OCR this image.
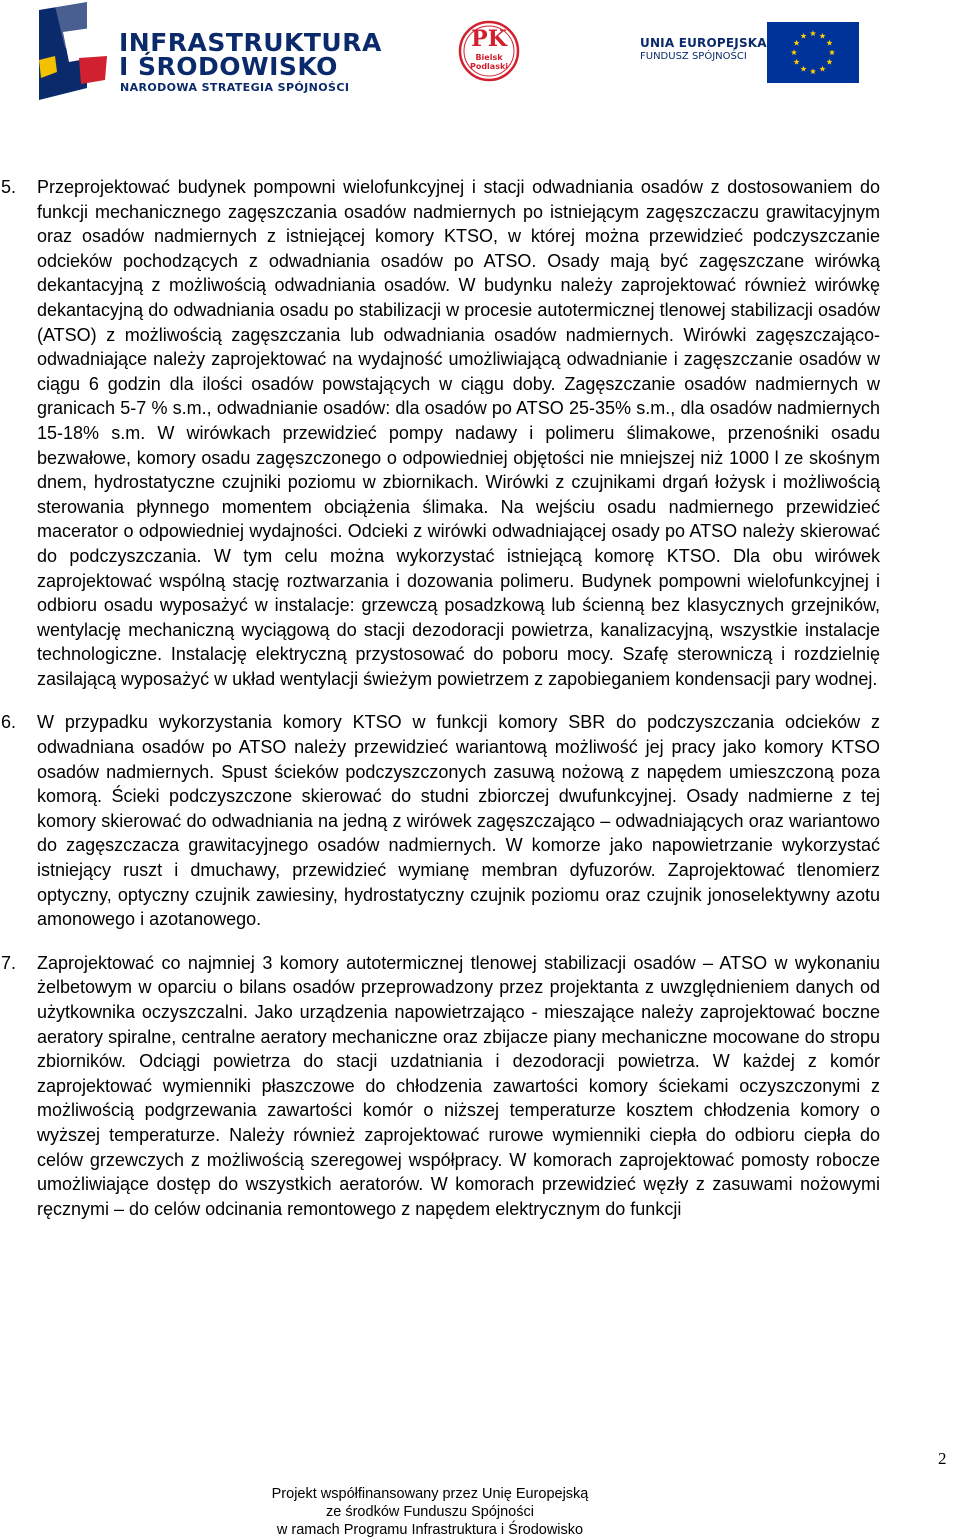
INFRASTRUKTURA
I ŚRODOWISKO
NARODOWA STRATEGIA SPÓJNOŚCI
PK
Bielsk
Podlaski
UNIA EUROPEJSKA
FUNDUSZ SPÓJNOŚCI
5. Przeprojektować budynek pompowni wielofunkcyjnej i stacji odwadniania osadów z dostosowaniem do funkcji mechanicznego zagęszczania osadów nadmiernych po istniejącym zagęszczaczu grawitacyjnym oraz osadów nadmiernych z istniejącej komory KTSO, w której można przewidzieć podczyszczanie odcieków pochodzących z odwadniania osadów po ATSO. Osady mają być zagęszczane wirówką dekantacyjną z możliwością odwadniania osadów. W budynku należy zaprojektować również wirówkę dekantacyjną do odwadniania osadu po stabilizacji w procesie autotermicznej tlenowej stabilizacji osadów (ATSO) z możliwością zagęszczania lub odwadniania osadów nadmiernych. Wirówki zagęszczająco-odwadniające należy zaprojektować na wydajność umożliwiającą odwadnianie i zagęszczanie osadów w ciągu 6 godzin dla ilości osadów powstających w ciągu doby. Zagęszczanie osadów nadmiernych w granicach 5-7 % s.m., odwadnianie osadów: dla osadów po ATSO 25-35% s.m., dla osadów nadmiernych 15-18% s.m. W wirówkach przewidzieć pompy nadawy i polimeru ślimakowe, przenośniki osadu bezwałowe, komory osadu zagęszczonego o odpowiedniej objętości nie mniejszej niż 1000 l ze skośnym dnem, hydrostatyczne czujniki poziomu w zbiornikach. Wirówki z czujnikami drgań łożysk i możliwością sterowania płynnego momentem obciążenia ślimaka. Na wejściu osadu nadmiernego przewidzieć macerator o odpowiedniej wydajności. Odcieki z wirówki odwadniającej osady po ATSO należy skierować do podczyszczania. W tym celu można wykorzystać istniejącą komorę KTSO. Dla obu wirówek zaprojektować wspólną stację roztwarzania i dozowania polimeru. Budynek pompowni wielofunkcyjnej i odbioru osadu wyposażyć w instalacje: grzewczą posadzkową lub ścienną bez klasycznych grzejników, wentylację mechaniczną wyciągową do stacji dezodoracji powietrza, kanalizacyjną, wszystkie instalacje technologiczne. Instalację elektryczną przystosować do poboru mocy. Szafę sterowniczą i rozdzielnię zasilającą wyposażyć w układ wentylacji świeżym powietrzem z zapobieganiem kondensacji pary wodnej.

6. W przypadku wykorzystania komory KTSO w funkcji komory SBR do podczyszczania odcieków z odwadniana osadów po ATSO należy przewidzieć wariantową możliwość jej pracy jako komory KTSO osadów nadmiernych. Spust ścieków podczyszczonych zasuwą nożową z napędem umieszczoną poza komorą. Ścieki podczyszczone skierować do studni zbiorczej dwufunkcyjnej. Osady nadmierne z tej komory skierować do odwadniania na jedną z wirówek zagęszczająco – odwadniających oraz wariantowo do zagęszczacza grawitacyjnego osadów nadmiernych. W komorze jako napowietrzanie wykorzystać istniejący ruszt i dmuchawy, przewidzieć wymianę membran dyfuzorów. Zaprojektować tlenomierz optyczny, optyczny czujnik zawiesiny, hydrostatyczny czujnik poziomu oraz czujnik jonoselektywny azotu amonowego i azotanowego.

7. Zaprojektować co najmniej 3 komory autotermicznej tlenowej stabilizacji osadów – ATSO w wykonaniu żelbetowym w oparciu o bilans osadów przeprowadzony przez projektanta z uwzględnieniem danych od użytkownika oczyszczalni. Jako urządzenia napowietrzająco - mieszające należy zaprojektować boczne aeratory spiralne, centralne aeratory mechaniczne oraz zbijacze piany mechaniczne mocowane do stropu zbiorników. Odciągi powietrza do stacji uzdatniania i dezodoracji powietrza. W każdej z komór zaprojektować wymienniki płaszczowe do chłodzenia zawartości komory ściekami oczyszczonymi z możliwością podgrzewania zawartości komór o niższej temperaturze kosztem chłodzenia komory o wyższej temperaturze. Należy również zaprojektować rurowe wymienniki ciepła do odbioru ciepła do celów grzewczych z możliwością szeregowej współpracy. W komorach zaprojektować pomosty robocze umożliwiające dostęp do wszystkich aeratorów. W komorach przewidzieć węzły z zasuwami nożowymi ręcznymi – do celów odcinania remontowego z napędem elektrycznym do funkcji

2
Projekt współfinansowany przez Unię Europejską
ze środków Funduszu Spójności
w ramach Programu Infrastruktura i Środowisko
